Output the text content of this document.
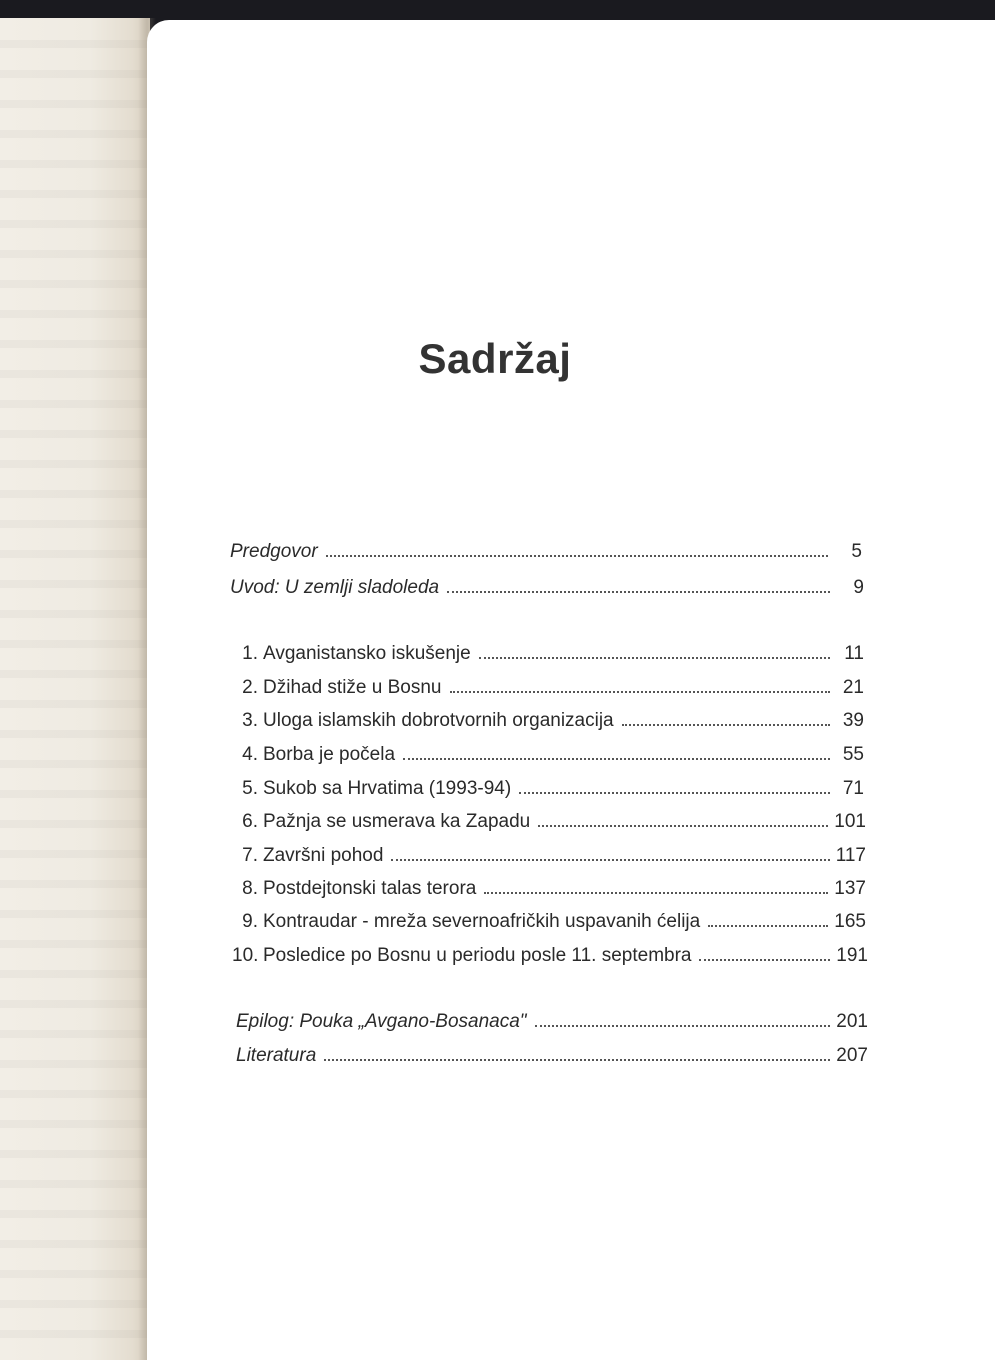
Sadržaj
Predgovor	5
Uvod: U zemlji sladoleda	9
1. Avganistansko iskušenje	11
2. Džihad stiže u Bosnu	21
3. Uloga islamskih dobrotvornih organizacija	39
4. Borba je počela	55
5. Sukob sa Hrvatima (1993-94)	71
6. Pažnja se usmerava ka Zapadu	101
7. Završni pohod	117
8. Postdejtonski talas terora	137
9. Kontraudar - mreža severnoafričkih uspavanih ćelija	165
10. Posledice po Bosnu u periodu posle 11. septembra	191
Epilog: Pouka „Avgano-Bosanaca"	201
Literatura	207
